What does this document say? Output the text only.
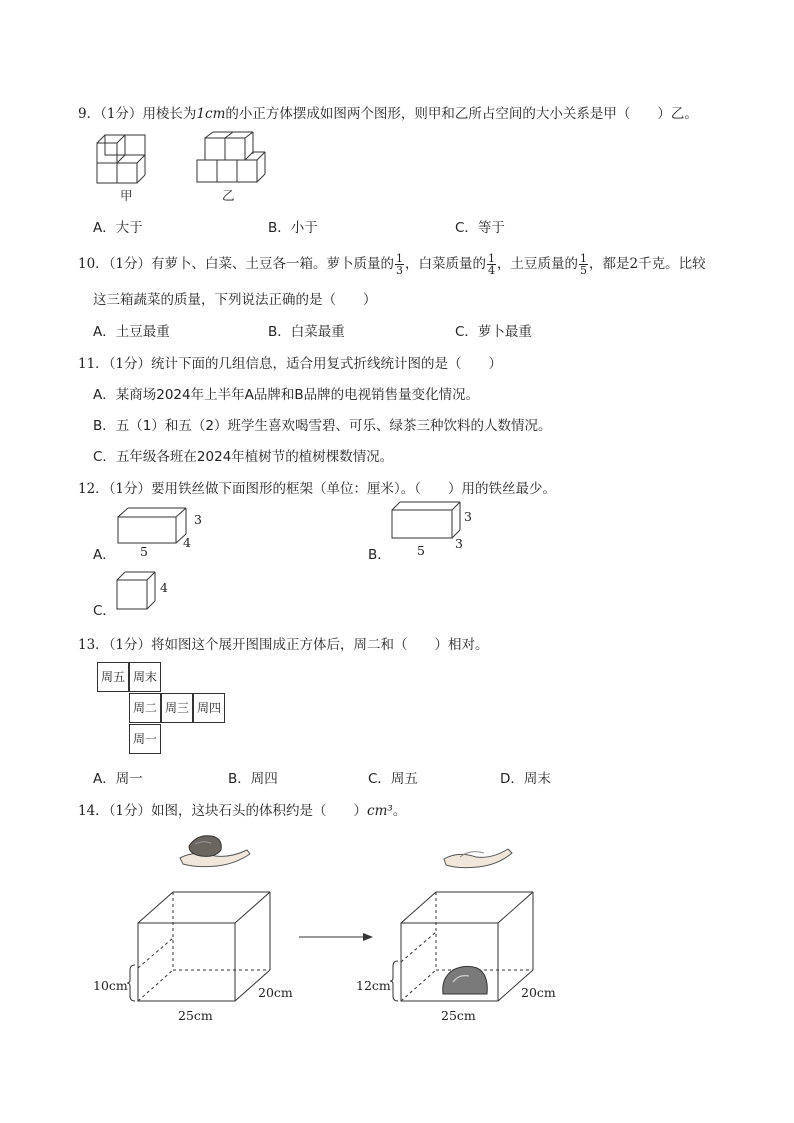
9．（1分）用棱长为1cm的小正方体摆成如图两个图形，则甲和乙所占空间的大小关系是甲（　　）乙。
甲	乙
A．大于	B．小于	C．等于
10．（1分）有萝卜、白菜、土豆各一箱。萝卜质量的 $\frac{1}{3}$ ，白菜质量的 $\frac{1}{4}$ ，土豆质量的 $\frac{1}{5}$ ，都是2千克。比较
这三箱蔬菜的质量，下列说法正确的是（　　）
A．土豆最重	B．白菜最重	C．萝卜最重
11．（1分）统计下面的几组信息，适合用复式折线统计图的是（　　）
A．某商场2024年上半年A品牌和B品牌的电视销售量变化情况。
B．五（1）和五（2）班学生喜欢喝雪碧、可乐、绿茶三种饮料的人数情况。
C．五年级各班在2024年植树节的植树棵数情况。
12．（1分）要用铁丝做下面图形的框架（单位：厘米）。（　　）用的铁丝最少。
A． 5
4
3
B． 5 3
3
C．
4
13．（1分）将如图这个展开图围成正方体后，周二和（　　）相对。
周五 周末
周二 周三 周四
周一
A．周一	B．周四	C．周五	D．周末
14．（1分）如图，这块石头的体积约是（　　）cm³。
10cm	20cm
25cm
12cm	20cm
25cm
